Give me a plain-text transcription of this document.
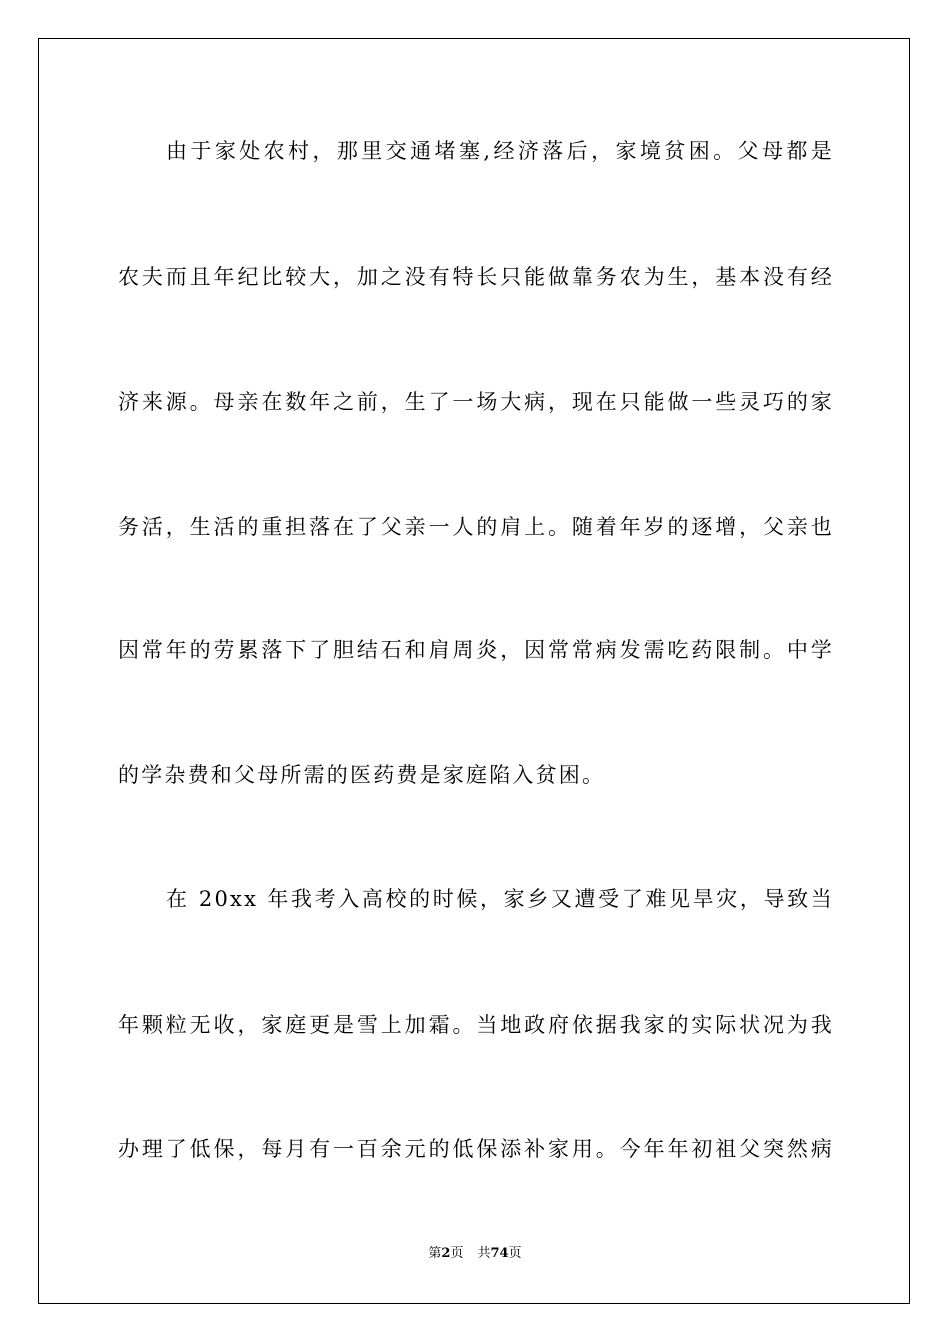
由于家处农村，那里交通堵塞,经济落后，家境贫困。父母都是
农夫而且年纪比较大，加之没有特长只能做靠务农为生，基本没有经
济来源。母亲在数年之前，生了一场大病，现在只能做一些灵巧的家
务活，生活的重担落在了父亲一人的肩上。随着年岁的逐增，父亲也
因常年的劳累落下了胆结石和肩周炎，因常常病发需吃药限制。中学
的学杂费和父母所需的医药费是家庭陷入贫困。
在 20xx 年我考入高校的时候，家乡又遭受了难见旱灾，导致当
年颗粒无收，家庭更是雪上加霜。当地政府依据我家的实际状况为我
办理了低保，每月有一百余元的低保添补家用。今年年初祖父突然病
第2页 共74页
